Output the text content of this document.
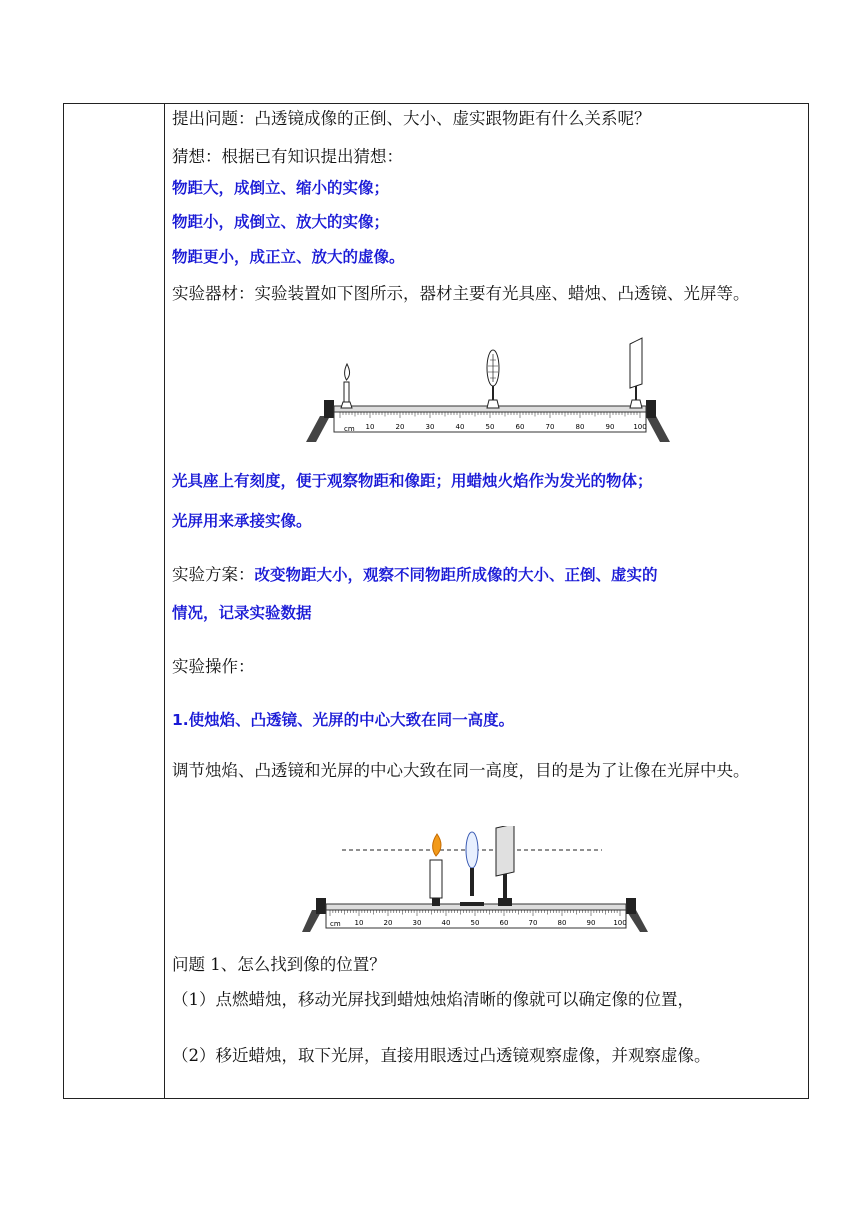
提出问题：凸透镜成像的正倒、大小、虚实跟物距有什么关系呢？
猜想：根据已有知识提出猜想：
物距大，成倒立、缩小的实像；
物距小，成倒立、放大的实像；
物距更小，成正立、放大的虚像。
实验器材：实验装置如下图所示，器材主要有光具座、蜡烛、凸透镜、光屏等。
cm 10	20	30	40	50	60	70	80	90	100
光具座上有刻度，便于观察物距和像距；用蜡烛火焰作为发光的物体；
光屏用来承接实像。
实验方案：改变物距大小，观察不同物距所成像的大小、正倒、虚实的
情况，记录实验数据
实验操作：
1.使烛焰、凸透镜、光屏的中心大致在同一高度。
调节烛焰、凸透镜和光屏的中心大致在同一高度，目的是为了让像在光屏中央。
cm 10	20	30	40	50	60	70	80	90	100
问题 1、怎么找到像的位置？
（1）点燃蜡烛，移动光屏找到蜡烛烛焰清晰的像就可以确定像的位置，
（2）移近蜡烛，取下光屏，直接用眼透过凸透镜观察虚像，并观察虚像。
